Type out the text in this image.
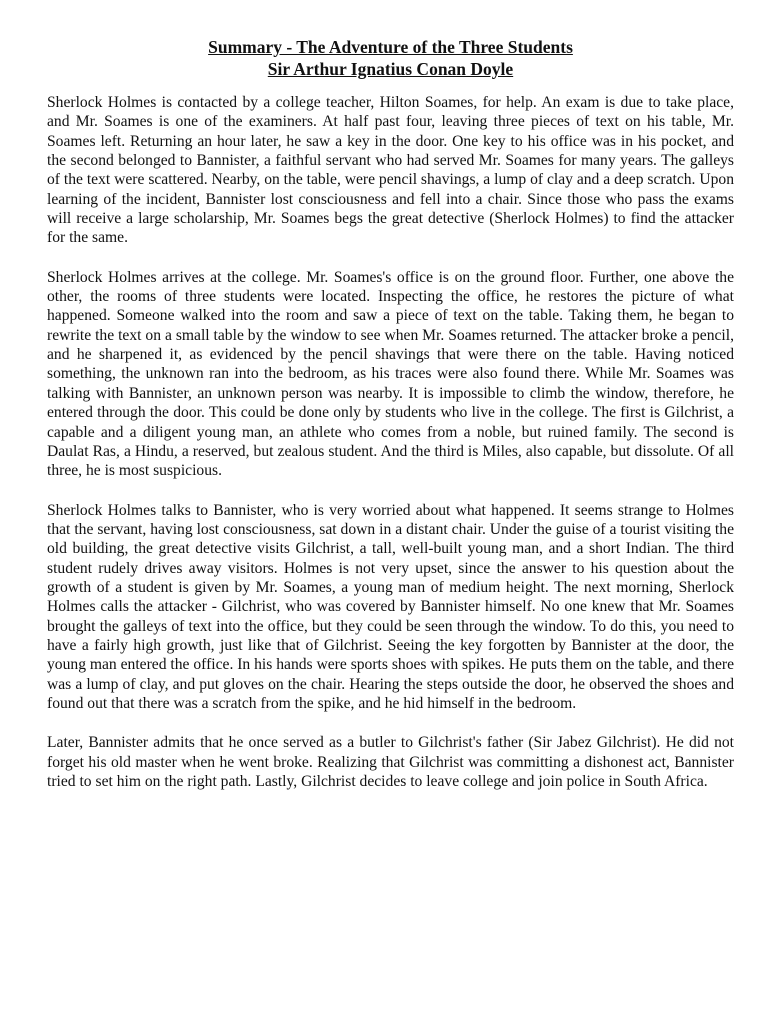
Summary - The Adventure of the Three Students
Sir Arthur Ignatius Conan Doyle

Sherlock Holmes is contacted by a college teacher, Hilton Soames, for help. An exam is due to take place, and Mr. Soames is one of the examiners. At half past four, leaving three pieces of text on his table, Mr. Soames left. Returning an hour later, he saw a key in the door. One key to his office was in his pocket, and the second belonged to Bannister, a faithful servant who had served Mr. Soames for many years. The galleys of the text were scattered. Nearby, on the table, were pencil shavings, a lump of clay and a deep scratch. Upon learning of the incident, Bannister lost consciousness and fell into a chair. Since those who pass the exams will receive a large scholarship, Mr. Soames begs the great detective (Sherlock Holmes) to find the attacker for the same.

Sherlock Holmes arrives at the college. Mr. Soames's office is on the ground floor. Further, one above the other, the rooms of three students were located. Inspecting the office, he restores the picture of what happened. Someone walked into the room and saw a piece of text on the table. Taking them, he began to rewrite the text on a small table by the window to see when Mr. Soames returned. The attacker broke a pencil, and he sharpened it, as evidenced by the pencil shavings that were there on the table. Having noticed something, the unknown ran into the bedroom, as his traces were also found there. While Mr. Soames was talking with Bannister, an unknown person was nearby. It is impossible to climb the window, therefore, he entered through the door. This could be done only by students who live in the college. The first is Gilchrist, a capable and a diligent young man, an athlete who comes from a noble, but ruined family. The second is Daulat Ras, a Hindu, a reserved, but zealous student. And the third is Miles, also capable, but dissolute. Of all three, he is most suspicious.

Sherlock Holmes talks to Bannister, who is very worried about what happened. It seems strange to Holmes that the servant, having lost consciousness, sat down in a distant chair. Under the guise of a tourist visiting the old building, the great detective visits Gilchrist, a tall, well-built young man, and a short Indian. The third student rudely drives away visitors. Holmes is not very upset, since the answer to his question about the growth of a student is given by Mr. Soames, a young man of medium height. The next morning, Sherlock Holmes calls the attacker - Gilchrist, who was covered by Bannister himself. No one knew that Mr. Soames brought the galleys of text into the office, but they could be seen through the window. To do this, you need to have a fairly high growth, just like that of Gilchrist. Seeing the key forgotten by Bannister at the door, the young man entered the office. In his hands were sports shoes with spikes. He puts them on the table, and there was a lump of clay, and put gloves on the chair. Hearing the steps outside the door, he observed the shoes and found out that there was a scratch from the spike, and he hid himself in the bedroom.

Later, Bannister admits that he once served as a butler to Gilchrist's father (Sir Jabez Gilchrist). He did not forget his old master when he went broke. Realizing that Gilchrist was committing a dishonest act, Bannister tried to set him on the right path. Lastly, Gilchrist decides to leave college and join police in South Africa.
